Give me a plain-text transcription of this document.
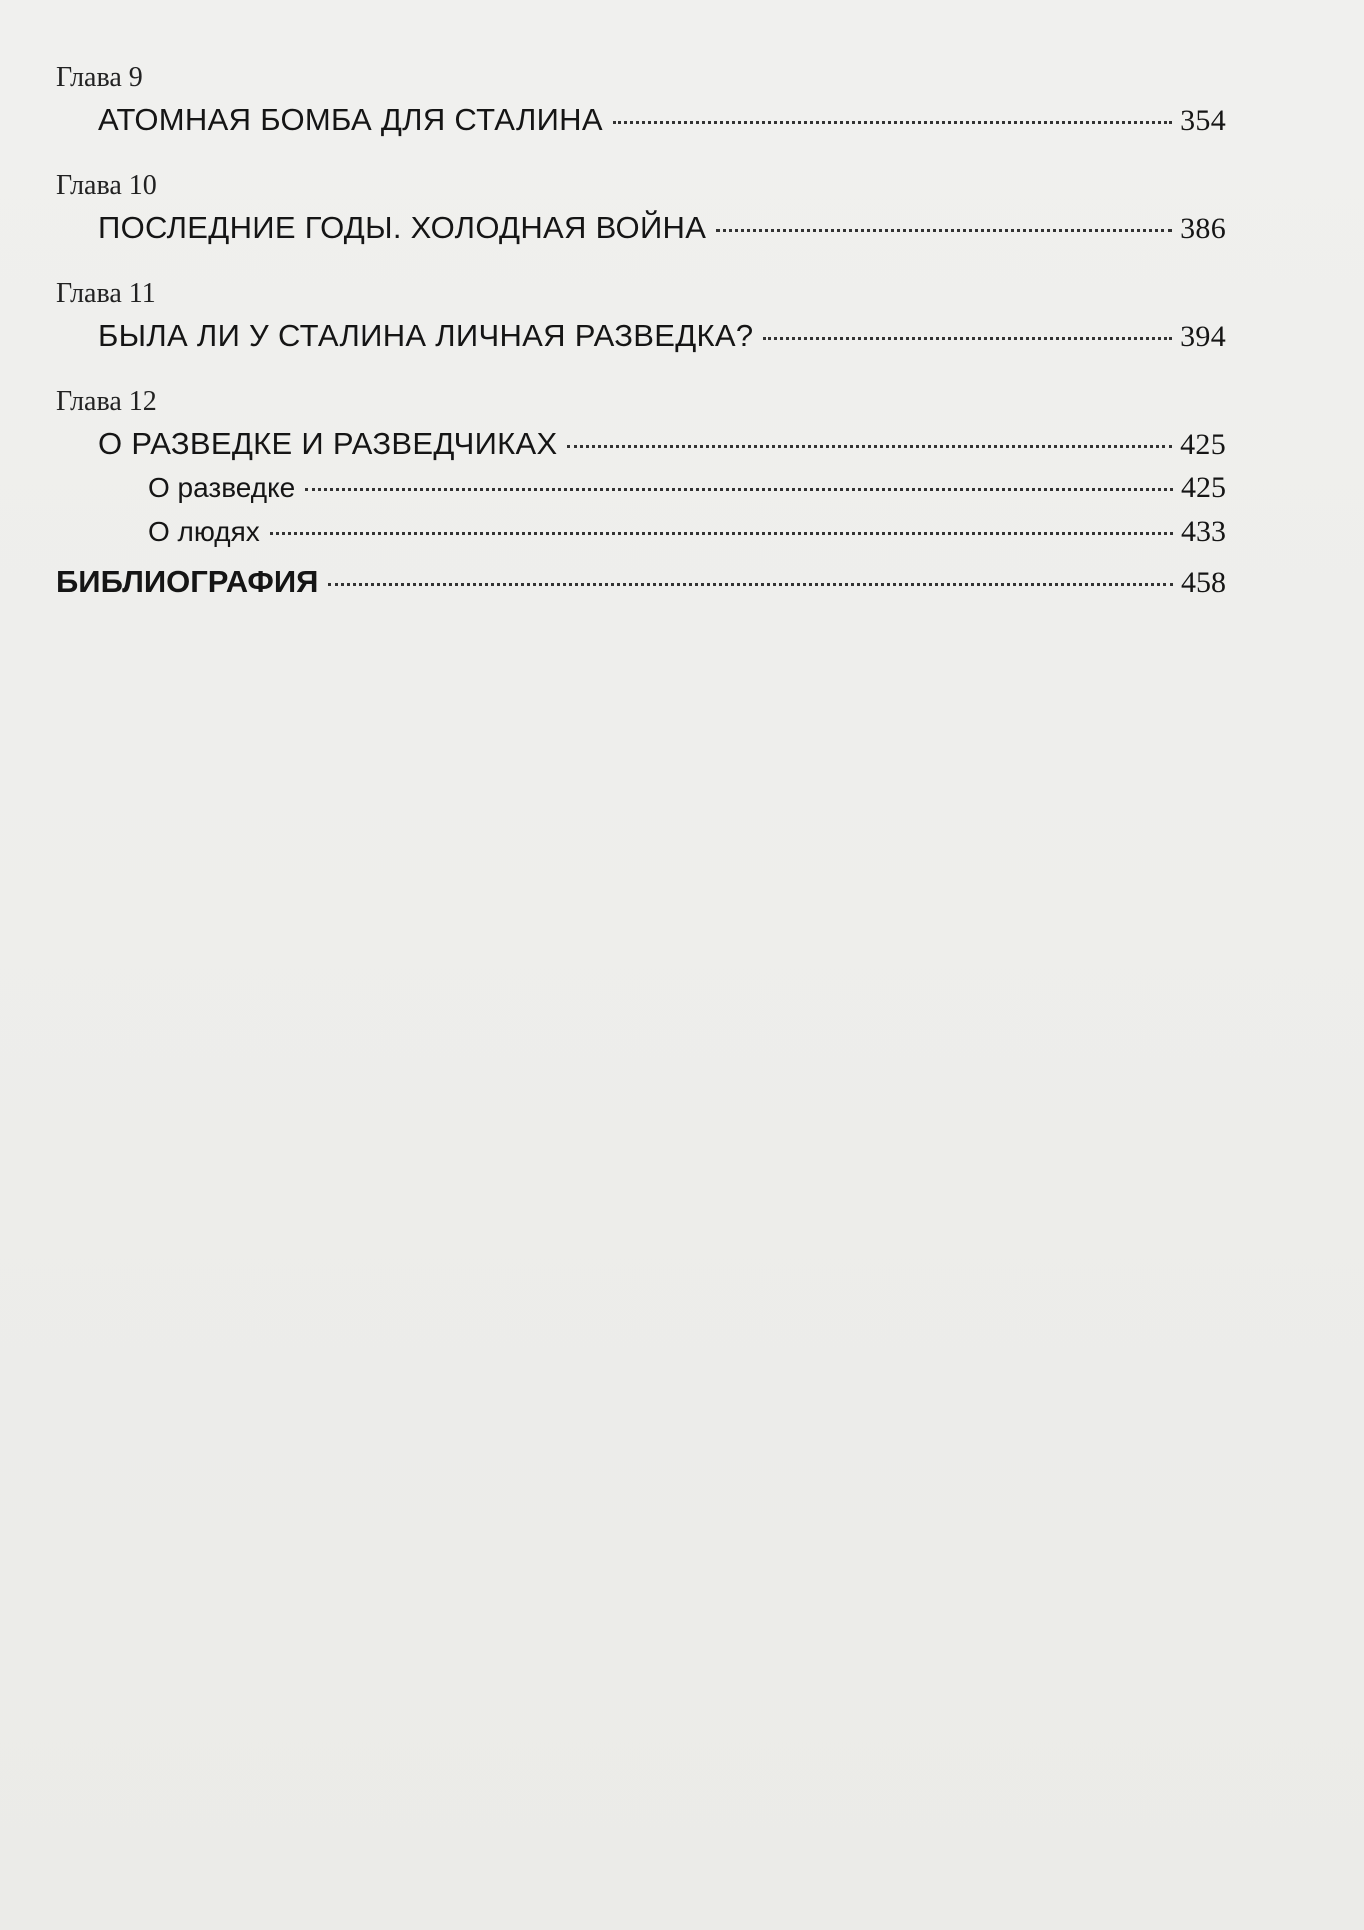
Глава 9
АТОМНАЯ БОМБА ДЛЯ СТАЛИНА	354
Глава 10
ПОСЛЕДНИЕ ГОДЫ. ХОЛОДНАЯ ВОЙНА	386
Глава 11
БЫЛА ЛИ У СТАЛИНА ЛИЧНАЯ РАЗВЕДКА?	394
Глава 12
О РАЗВЕДКЕ И РАЗВЕДЧИКАХ	425
О разведке	425
О людях	433
БИБЛИОГРАФИЯ	458
